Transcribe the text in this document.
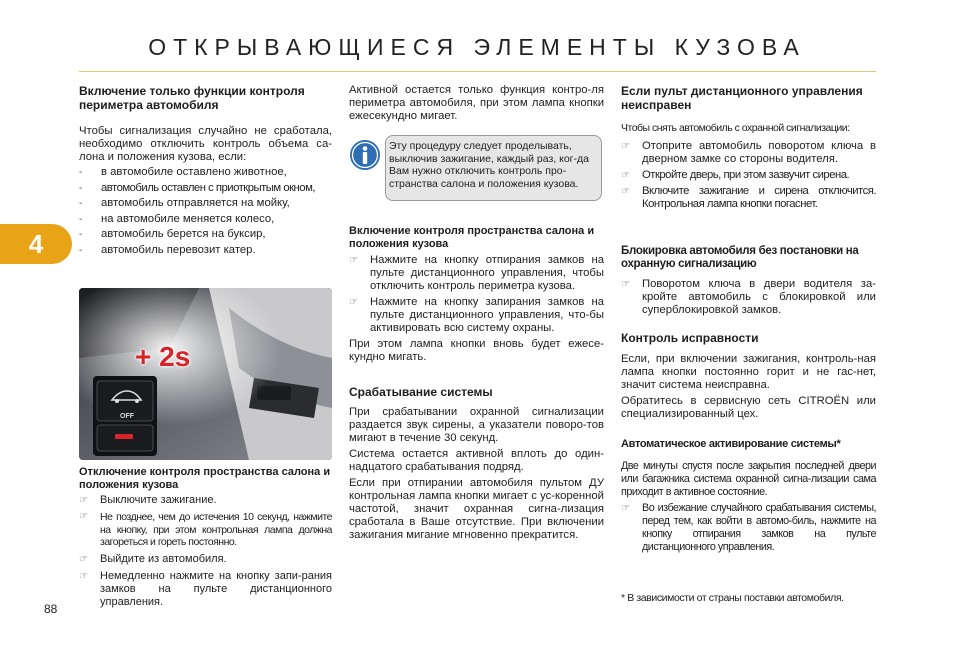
ОТКРЫВАЮЩИЕСЯ ЭЛЕМЕНТЫ КУЗОВА
4
88
Включение только функции контроля периметра автомобиля

Чтобы сигнализация случайно не сработала, необходимо отключить контроль объема са-лона и положения кузова, если:

-	в автомобиле оставлено животное,
-	автомобиль оставлен с приоткрытым окном,
-	автомобиль отправляется на мойку,
-	на автомобиле меняется колесо,
-	автомобиль берется на буксир,
-	автомобиль перевозит катер.
+ 2s
OFF
Отключение контроля пространства салона и положения кузова
☞	Выключите зажигание.
☞	Не позднее, чем до истечения 10 секунд, нажмите на кнопку, при этом контрольная лампа должна загореться и гореть постоянно.
☞	Выйдите из автомобиля.
☞	Немедленно нажмите на кнопку запи-рания замков на пульте дистанционного управления.

Активной остается только функция контро-ля периметра автомобиля, при этом лампа кнопки ежесекундно мигает.

Эту процедуру следует проделывать, выключив зажигание, каждый раз, ког-да Вам нужно отключить контроль про-странства салона и положения кузова.
Включение контроля пространства салона и положения кузова
☞	Нажмите на кнопку отпирания замков на пульте дистанционного управления, чтобы отключить контроль периметра кузова.
☞	Нажмите на кнопку запирания замков на пульте дистанционного управления, что-бы активировать всю систему охраны.

При этом лампа кнопки вновь будет ежесе-кундно мигать.

Срабатывание системы

При срабатывании охранной сигнализации раздается звук сирены, а указатели поворо-тов мигают в течение 30 секунд.

Система остается активной вплоть до один-надцатого срабатывания подряд.

Если при отпирании автомобиля пультом ДУ контрольная лампа кнопки мигает с ус-коренной частотой, значит охранная сигна-лизация сработала в Ваше отсутствие. При включении зажигания мигание мгновенно прекратится.

Если пульт дистанционного управления неисправен

Чтобы снять автомобиль с охранной сигнализации:

☞	Отоприте автомобиль поворотом ключа в дверном замке со стороны водителя.
☞	Откройте дверь, при этом зазвучит сирена.
☞	Включите зажигание и сирена отключится. Контрольная лампа кнопки погаснет.
Блокировка автомобиля без постановки на охранную сигнализацию
☞	Поворотом ключа в двери водителя за-кройте автомобиль с блокировкой или суперблокировкой замков.
Контроль исправности

Если, при включении зажигания, контроль-ная лампа кнопки постоянно горит и не гас-нет, значит система неисправна.

Обратитесь в сервисную сеть CITROËN или специализированный цех.

Автоматическое активирование системы*

Две минуты спустя после закрытия последней двери или багажника система охранной сигна-лизации сама приходит в активное состояние.

☞	Во избежание случайного срабатывания системы, перед тем, как войти в автомо-биль, нажмите на кнопку отпирания замков на пульте дистанционного управления.
* В зависимости от страны поставки автомобиля.
